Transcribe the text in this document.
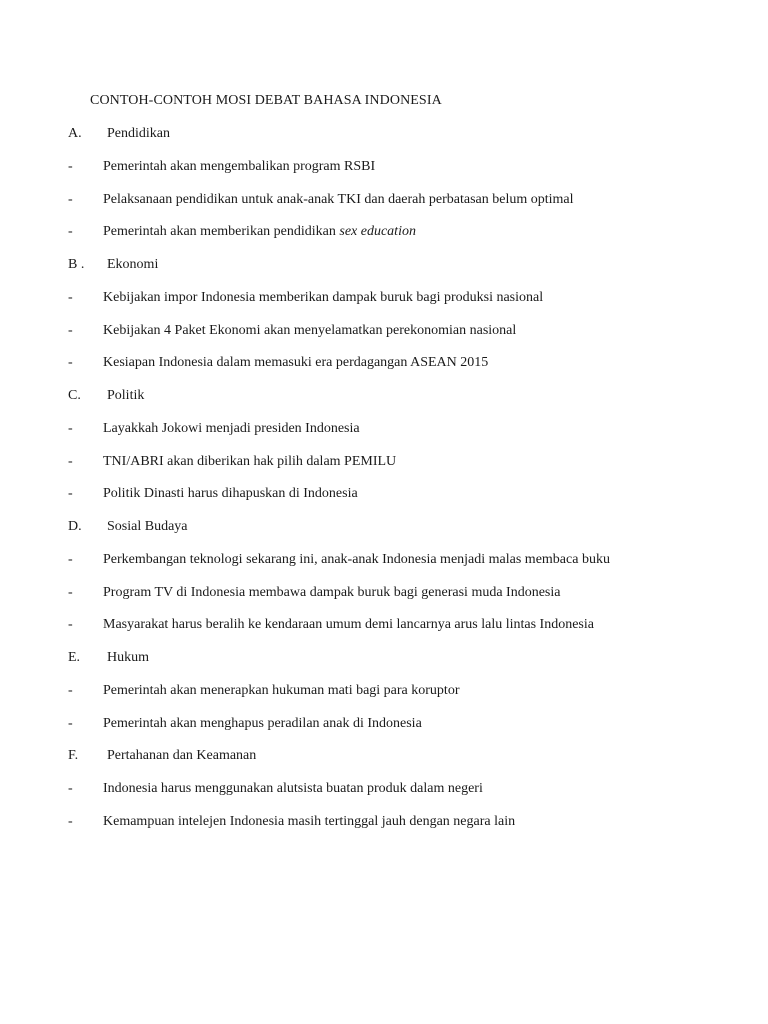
CONTOH-CONTOH MOSI DEBAT BAHASA INDONESIA
A. Pendidikan
- Pemerintah akan mengembalikan program RSBI
- Pelaksanaan pendidikan untuk anak-anak TKI dan daerah perbatasan belum optimal
- Pemerintah akan memberikan pendidikan sex education
B . Ekonomi
- Kebijakan impor Indonesia memberikan dampak buruk bagi produksi nasional
- Kebijakan 4 Paket Ekonomi akan menyelamatkan perekonomian nasional
- Kesiapan Indonesia dalam memasuki era perdagangan ASEAN 2015
C. Politik
- Layakkah Jokowi menjadi presiden Indonesia
- TNI/ABRI akan diberikan hak pilih dalam PEMILU
- Politik Dinasti harus dihapuskan di Indonesia
D. Sosial Budaya
- Perkembangan teknologi sekarang ini, anak-anak Indonesia menjadi malas membaca buku
- Program TV di Indonesia membawa dampak buruk bagi generasi muda Indonesia
- Masyarakat harus beralih ke kendaraan umum demi lancarnya arus lalu lintas Indonesia
E. Hukum
- Pemerintah akan menerapkan hukuman mati bagi para koruptor
- Pemerintah akan menghapus peradilan anak di Indonesia
F. Pertahanan dan Keamanan
- Indonesia harus menggunakan alutsista buatan produk dalam negeri
- Kemampuan intelejen Indonesia masih tertinggal jauh dengan negara lain
